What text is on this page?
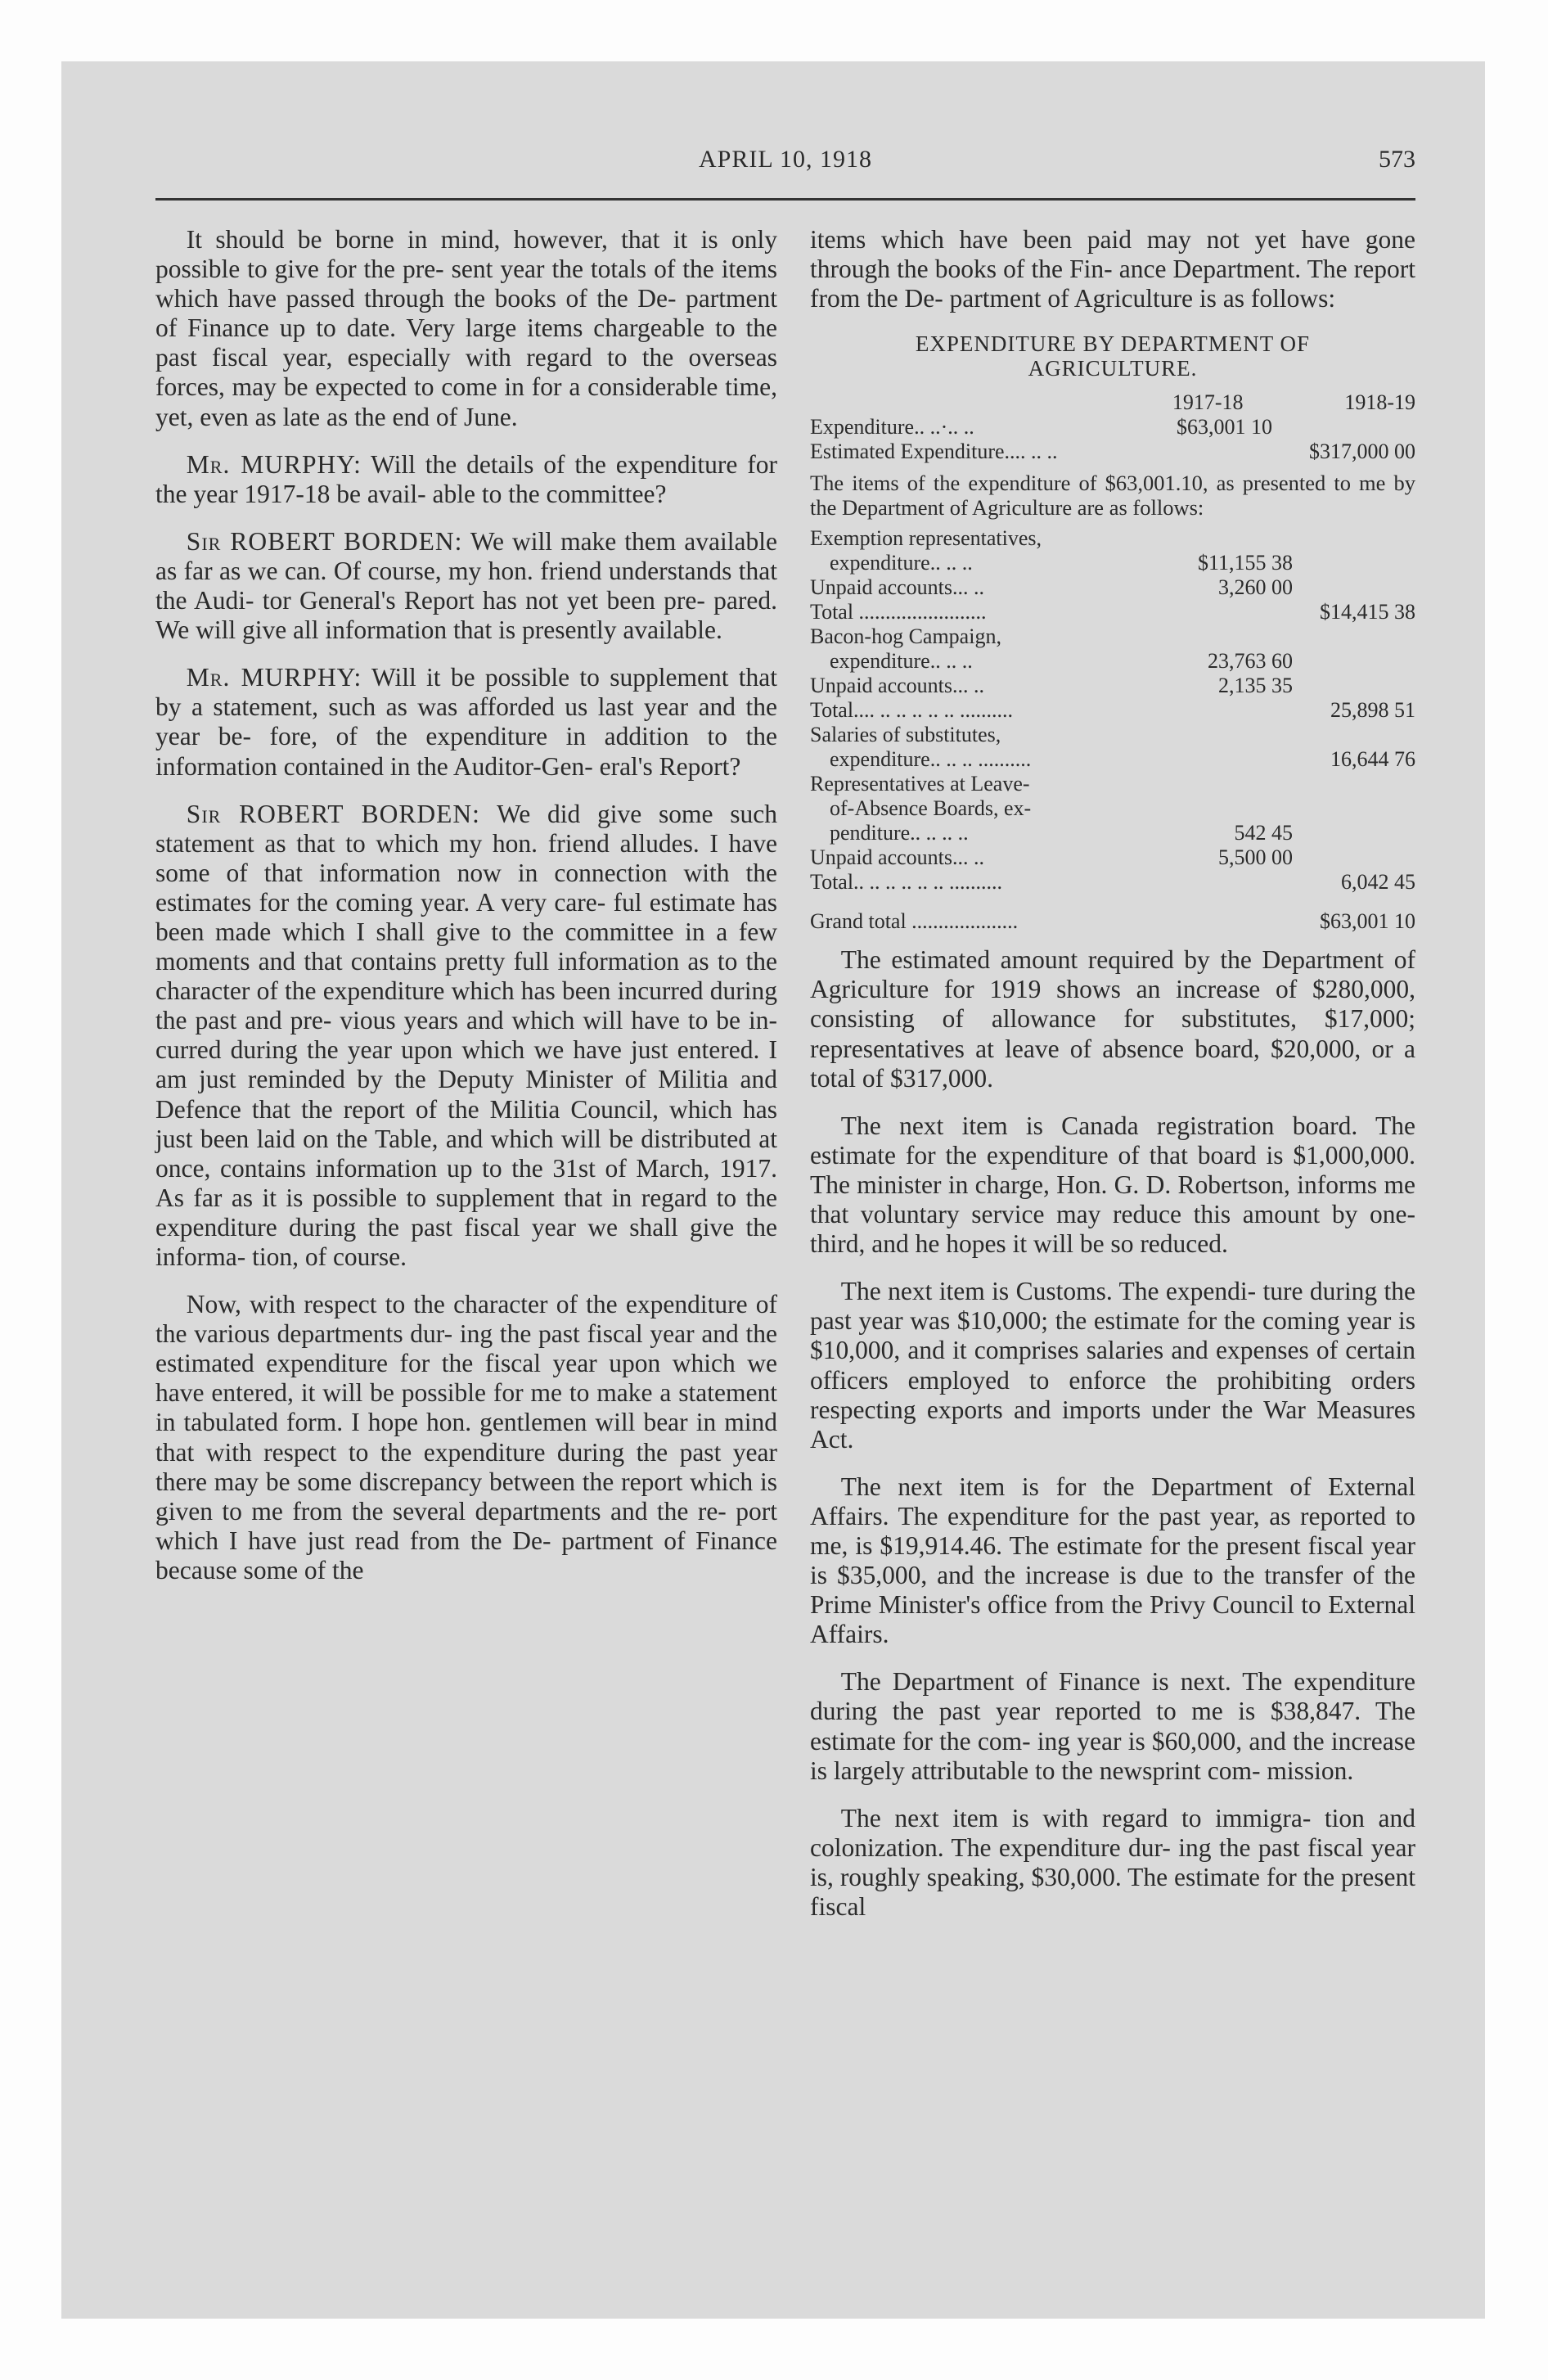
APRIL 10, 1918	573

It should be borne in mind, however, that it is only possible to give for the pre- sent year the totals of the items which have passed through the books of the De- partment of Finance up to date. Very large items chargeable to the past fiscal year, especially with regard to the overseas forces, may be expected to come in for a considerable time, yet, even as late as the end of June.

Mr. MURPHY: Will the details of the expenditure for the year 1917-18 be avail- able to the committee?

Sir ROBERT BORDEN: We will make them available as far as we can. Of course, my hon. friend understands that the Audi- tor General's Report has not yet been pre- pared. We will give all information that is presently available.

Mr. MURPHY: Will it be possible to supplement that by a statement, such as was afforded us last year and the year be- fore, of the expenditure in addition to the information contained in the Auditor-Gen- eral's Report?

Sir ROBERT BORDEN: We did give some such statement as that to which my hon. friend alludes. I have some of that information now in connection with the estimates for the coming year. A very care- ful estimate has been made which I shall give to the committee in a few moments and that contains pretty full information as to the character of the expenditure which has been incurred during the past and pre- vious years and which will have to be in- curred during the year upon which we have just entered. I am just reminded by the Deputy Minister of Militia and Defence that the report of the Militia Council, which has just been laid on the Table, and which will be distributed at once, contains information up to the 31st of March, 1917. As far as it is possible to supplement that in regard to the expenditure during the past fiscal year we shall give the informa- tion, of course.

Now, with respect to the character of the expenditure of the various departments dur- ing the past fiscal year and the estimated expenditure for the fiscal year upon which we have entered, it will be possible for me to make a statement in tabulated form. I hope hon. gentlemen will bear in mind that with respect to the expenditure during the past year there may be some discrepancy between the report which is given to me from the several departments and the re- port which I have just read from the De- partment of Finance because some of the

items which have been paid may not yet have gone through the books of the Fin- ance Department. The report from the De- partment of Agriculture is as follows:

EXPENDITURE BY DEPARTMENT OF
AGRICULTURE.
	1917-18	1918-19
Expenditure.. ..·.. ..	$63,001 10	
Estimated Expenditure.... .. ..		$317,000 00
The items of the expenditure of $63,001.10, as presented to me by the Department of Agriculture are as follows:
Exemption representatives,		
expenditure.. .. ..	$11,155 38	
Unpaid accounts... ..	3,260 00	
Total ........................		$14,415 38
Bacon-hog Campaign,		
expenditure.. .. ..	23,763 60	
Unpaid accounts... ..	2,135 35	
Total.... .. .. .. .. .. ..........		25,898 51
Salaries of substitutes,		
expenditure.. .. .. ..........		16,644 76
Representatives at Leave-		
of-Absence Boards, ex-		
penditure.. .. .. ..	542 45	
Unpaid accounts... ..	5,500 00	
Total.. .. .. .. .. .. ..........		6,042 45
Grand total ....................	$63,001 10

The estimated amount required by the Department of Agriculture for 1919 shows an increase of $280,000, consisting of allowance for substitutes, $17,000; representatives at leave of absence board, $20,000, or a total of $317,000.

The next item is Canada registration board. The estimate for the expenditure of that board is $1,000,000. The minister in charge, Hon. G. D. Robertson, informs me that voluntary service may reduce this amount by one-third, and he hopes it will be so reduced.

The next item is Customs. The expendi- ture during the past year was $10,000; the estimate for the coming year is $10,000, and it comprises salaries and expenses of certain officers employed to enforce the prohibiting orders respecting exports and imports under the War Measures Act.

The next item is for the Department of External Affairs. The expenditure for the past year, as reported to me, is $19,914.46. The estimate for the present fiscal year is $35,000, and the increase is due to the transfer of the Prime Minister's office from the Privy Council to External Affairs.

The Department of Finance is next. The expenditure during the past year reported to me is $38,847. The estimate for the com- ing year is $60,000, and the increase is largely attributable to the newsprint com- mission.

The next item is with regard to immigra- tion and colonization. The expenditure dur- ing the past fiscal year is, roughly speaking, $30,000. The estimate for the present fiscal
